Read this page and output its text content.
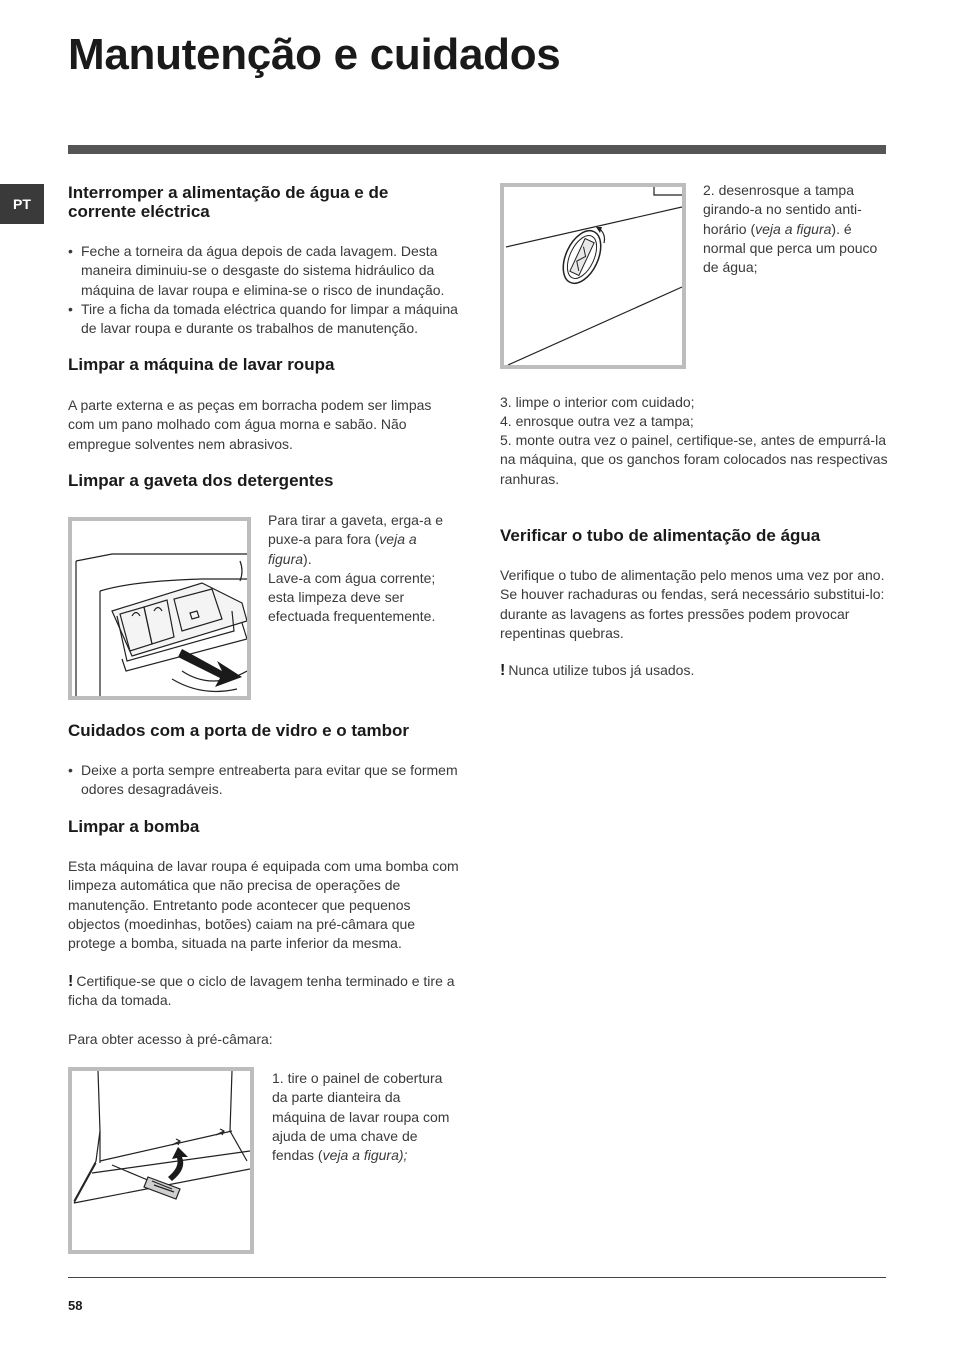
Manutenção e cuidados
PT
Interromper a alimentação de água e de corrente eléctrica

• Feche a torneira da água depois de cada lavagem. Desta maneira diminuiu-se o desgaste do sistema hidráulico da máquina de lavar roupa e elimina-se o risco de inundação.

• Tire a ficha da tomada eléctrica quando for limpar a máquina de lavar roupa e durante os trabalhos de manutenção.

Limpar a máquina de lavar roupa

A parte externa e as peças em borracha podem ser limpas com um pano molhado com água morna e sabão. Não empregue solventes nem abrasivos.

Limpar a gaveta dos detergentes

Para tirar a gaveta, erga-a e puxe-a para fora (veja a figura).
Lave-a com água corrente; esta limpeza deve ser efectuada frequentemente.

Cuidados com a porta de vidro e o tambor

• Deixe a porta sempre entreaberta para evitar que se formem odores desagradáveis.

Limpar a bomba

Esta máquina de lavar roupa é equipada com uma bomba com limpeza automática que não precisa de operações de manutenção. Entretanto pode acontecer que pequenos objectos (moedinhas, botões) caiam na pré-câmara que protege a bomba, situada na parte inferior da mesma.

! Certifique-se que o ciclo de lavagem tenha terminado e tire a ficha da tomada.

Para obter acesso à pré-câmara:

1. tire o painel de cobertura da parte dianteira da máquina de lavar roupa com ajuda de uma chave de fendas (veja a figura);

2. desenrosque a tampa girando-a no sentido anti-horário (veja a figura). é normal que perca um pouco de água;

3. limpe o interior com cuidado;

4. enrosque outra vez a tampa;

5. monte outra vez o painel, certifique-se, antes de empurrá-la na máquina, que os ganchos foram colocados nas respectivas ranhuras.

Verificar o tubo de alimentação de água

Verifique o tubo de alimentação pelo menos uma vez por ano. Se houver rachaduras ou fendas, será necessário substitui-lo: durante as lavagens as fortes pressões podem provocar repentinas quebras.

! Nunca utilize tubos já usados.

58
